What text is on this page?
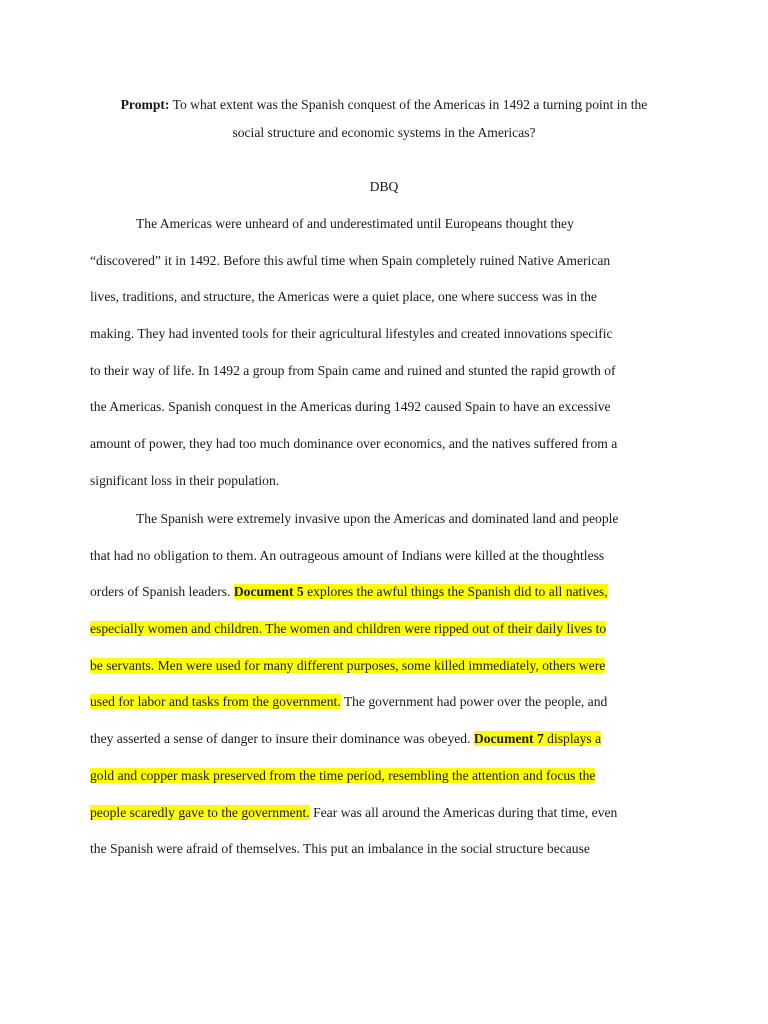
Prompt: To what extent was the Spanish conquest of the Americas in 1492 a turning point in the
social structure and economic systems in the Americas?

DBQ

The Americas were unheard of and underestimated until Europeans thought they
“discovered” it in 1492. Before this awful time when Spain completely ruined Native American
lives, traditions, and structure, the Americas were a quiet place, one where success was in the
making. They had invented tools for their agricultural lifestyles and created innovations specific
to their way of life. In 1492 a group from Spain came and ruined and stunted the rapid growth of
the Americas. Spanish conquest in the Americas during 1492 caused Spain to have an excessive
amount of power, they had too much dominance over economics, and the natives suffered from a
significant loss in their population.
The Spanish were extremely invasive upon the Americas and dominated land and people
that had no obligation to them. An outrageous amount of Indians were killed at the thoughtless
orders of Spanish leaders. Document 5 explores the awful things the Spanish did to all natives,
especially women and children. The women and children were ripped out of their daily lives to
be servants. Men were used for many different purposes, some killed immediately, others were
used for labor and tasks from the government. The government had power over the people, and
they asserted a sense of danger to insure their dominance was obeyed. Document 7 displays a
gold and copper mask preserved from the time period, resembling the attention and focus the
people scaredly gave to the government. Fear was all around the Americas during that time, even
the Spanish were afraid of themselves. This put an imbalance in the social structure because
